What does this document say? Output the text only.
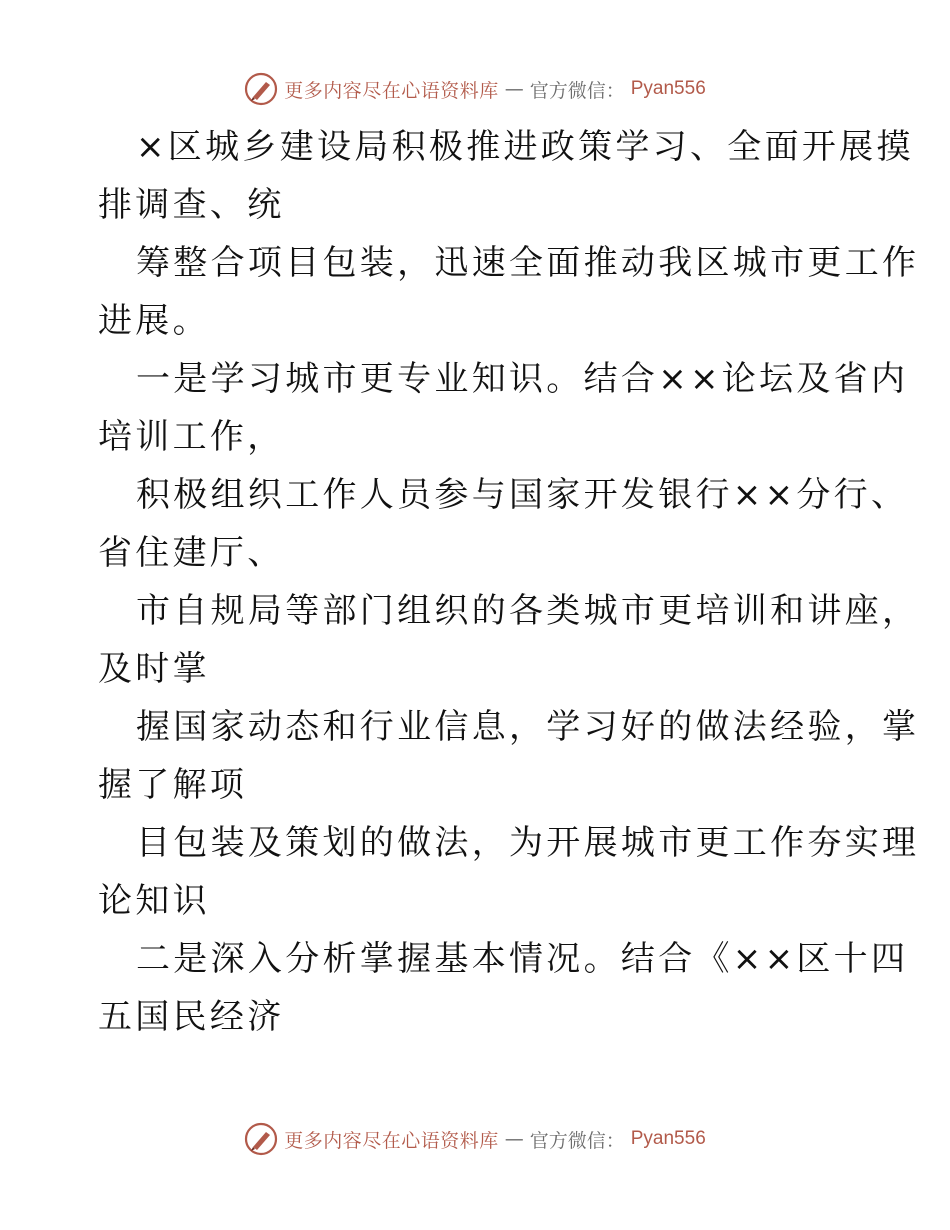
更多内容尽在心语资料库 — 官方微信： Pyan556

×区城乡建设局积极推进政策学习、全面开展摸

排调查、统

筹整合项目包装，迅速全面推动我区城市更工作

进展。

一是学习城市更专业知识。结合××论坛及省内

培训工作，

积极组织工作人员参与国家开发银行××分行、

省住建厅、

市自规局等部门组织的各类城市更培训和讲座，

及时掌

握国家动态和行业信息，学习好的做法经验，掌

握了解项

目包装及策划的做法，为开展城市更工作夯实理

论知识

二是深入分析掌握基本情况。结合《××区十四

五国民经济

更多内容尽在心语资料库 — 官方微信： Pyan556
